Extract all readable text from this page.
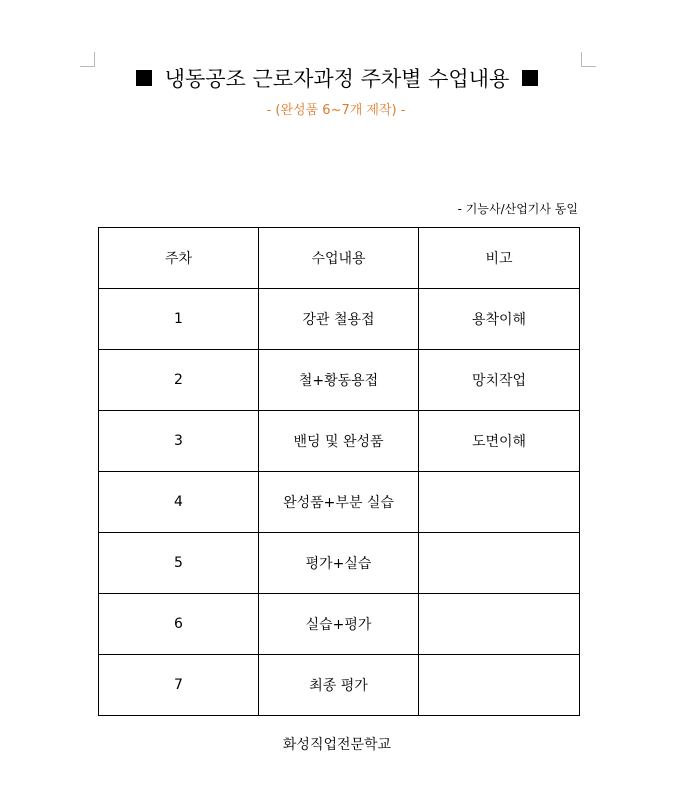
냉동공조 근로자과정 주차별 수업내용
- (완성품 6~7개 제작) -
- 기능사/산업기사 동일
주차	수업내용	비고
1	강관 철용접	용착이해
2	철+황동용접	망치작업
3	밴딩 및 완성품	도면이해
4	완성품+부분 실습	
5	평가+실습	
6	실습+평가	
7	최종 평가	
화성직업전문학교
